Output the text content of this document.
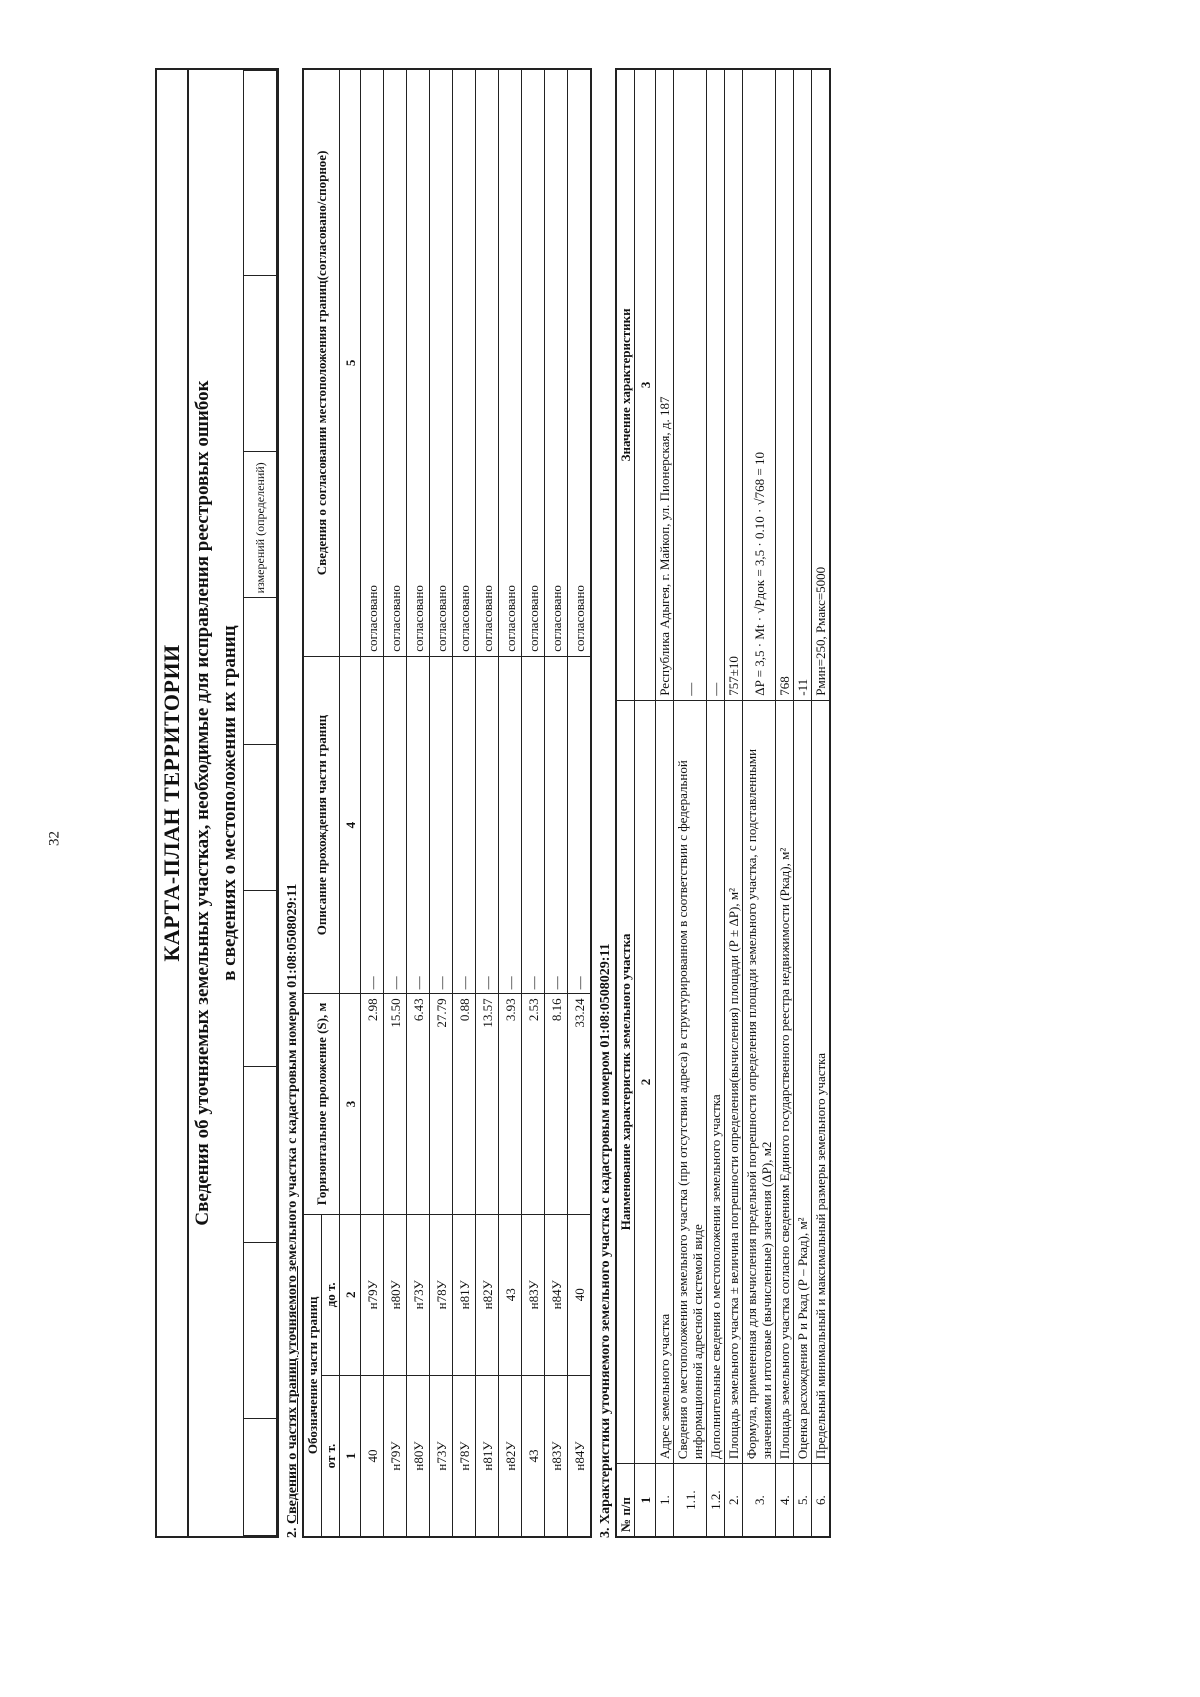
32	КАРТА-ПЛАН ТЕРРИТОРИИ Сведения об уточняемых земельных участках, необходимые для исправления реестровых ошибок в сведениях о местоположении их границ
						измерений (определений)		
2. Сведения о частях границ уточняемого земельного участка с кадастровым номером 01:08:0508029:11
Обозначение части границ		Горизонтальное проложение (S), м	Описание прохождения части границ	Сведения о согласовании местоположения границ(согласовано/спорное)
от т.	до т.			
1	2	3	4	5
40	н79У	2.98	—	согласовано
н79У	н80У	15.50	—	согласовано
н80У	н73У	6.43	—	согласовано
н73У	н78У	27.79	—	согласовано
н78У	н81У	0.88	—	согласовано
н81У	н82У	13.57	—	согласовано
н82У	43	3.93	—	согласовано
43	н83У	2.53	—	согласовано
н83У	н84У	8.16	—	согласовано
н84У	40	33.24	—	согласовано
3. Характеристики уточняемого земельного участка с кадастровым номером 01:08:0508029:11 № п/п	Наименование характеристик земельного участка	Значение характеристики
1	2	3
1.	Адрес земельного участка	Республика Адыгея, г. Майкоп, ул. Пионерская, д. 187
1.1.	Сведения о местоположении земельного участка (при отсутствии адреса) в структурированном в соответствии с федеральной информационной адресной системой виде	—
1.2.	Дополнительные сведения о местоположении земельного участка	—
2.	Площадь земельного участка ± величина погрешности определения(вычисления) площади (Р ± ΔР), м²	757±10
3.	Формула, примененная для вычисления предельной погрешности определения площади земельного участка, с подставленными значениями и итоговые (вычисленные) значения (ΔР), м2	ΔP = 3,5 · Mt · √Pдок = 3,5 · 0.10 · √768 = 10
4.	Площадь земельного участка согласно сведениям Единого государственного реестра недвижимости (Ркад), м²	768
5.	Оценка расхождения Р и Ркад (Р – Ркад), м²	-11
6.	Предельный минимальный и максимальный размеры земельного участка	Pмин=250, Рмакс=5000
